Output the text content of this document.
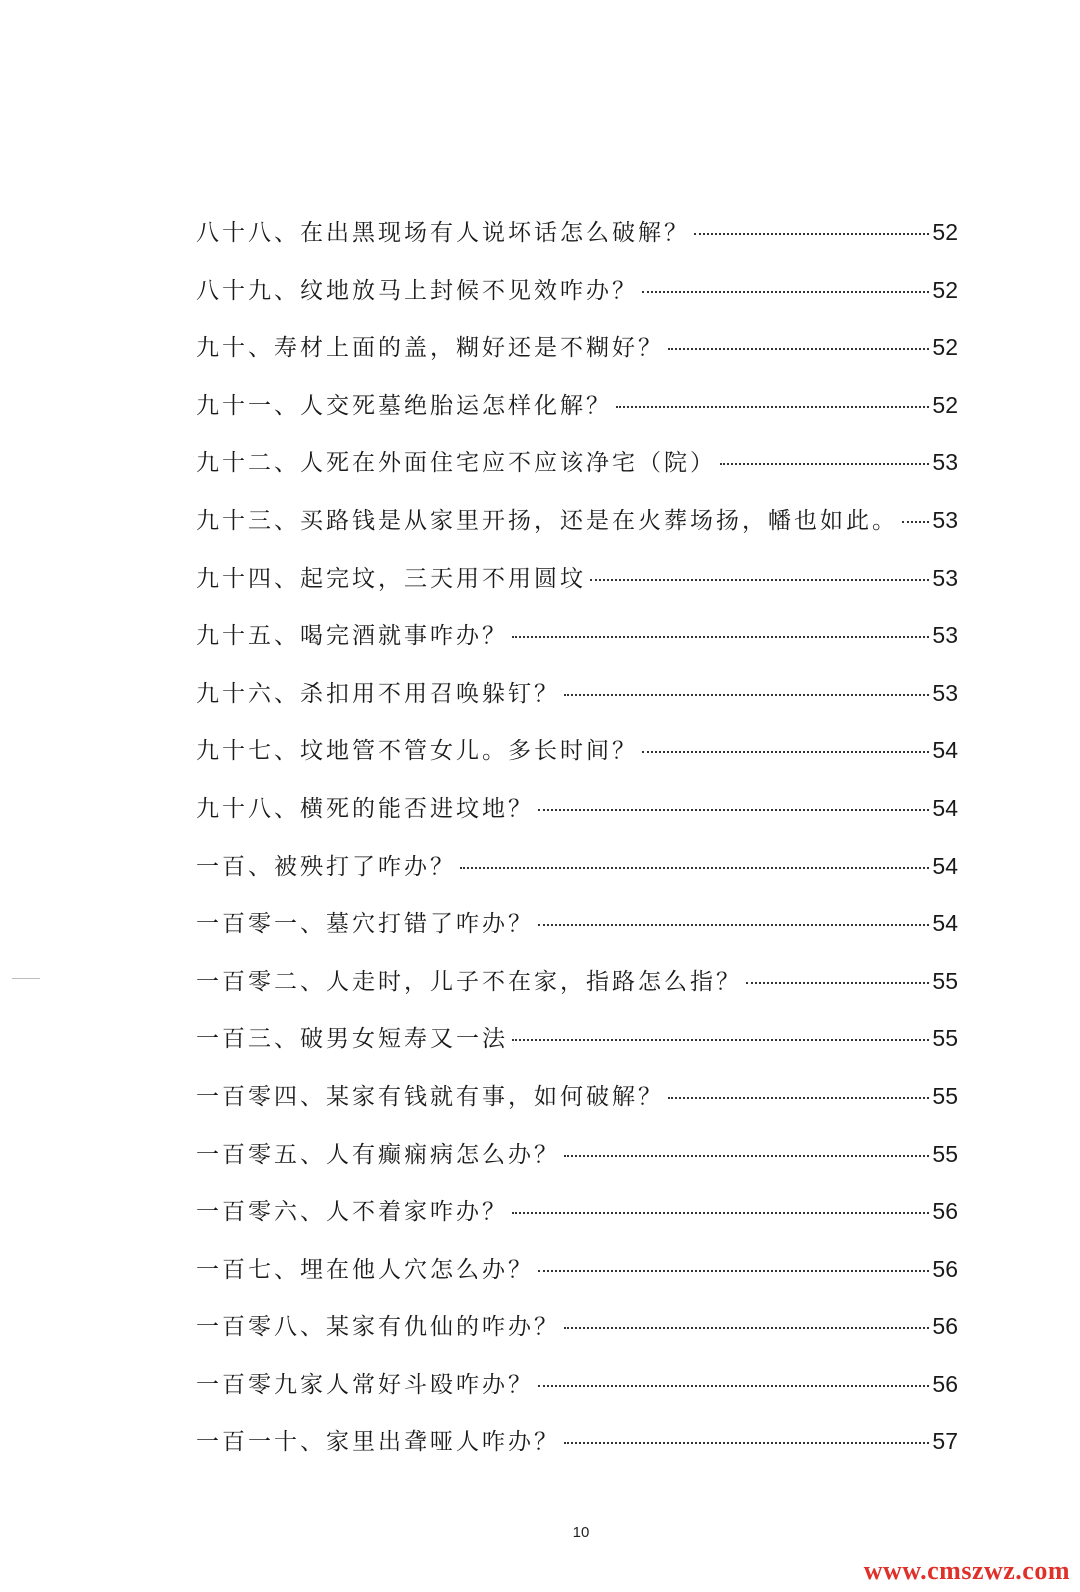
八十八、在出黑现场有人说坏话怎么破解？	52
八十九、纹地放马上封候不见效咋办？	52
九十、寿材上面的盖，糊好还是不糊好？	52
九十一、人交死墓绝胎运怎样化解？	52
九十二、人死在外面住宅应不应该净宅（院）	53
九十三、买路钱是从家里开扬，还是在火葬场扬，幡也如此。 53
九十四、起完坟，三天用不用圆坟	53
九十五、喝完酒就事咋办？	53
九十六、杀扣用不用召唤躲钉？	53
九十七、坟地管不管女儿。多长时间？	54
九十八、横死的能否进坟地？	54
一百、被殃打了咋办？	54
一百零一、墓穴打错了咋办？	54
一百零二、人走时，儿子不在家，指路怎么指？	55
一百三、破男女短寿又一法	55
一百零四、某家有钱就有事，如何破解？	55
一百零五、人有癫痫病怎么办？	55
一百零六、人不着家咋办？	56
一百七、埋在他人穴怎么办？	56
一百零八、某家有仇仙的咋办？	56
一百零九家人常好斗殴咋办？	56
一百一十、家里出聋哑人咋办？	57
10
www.cmszwz.com
